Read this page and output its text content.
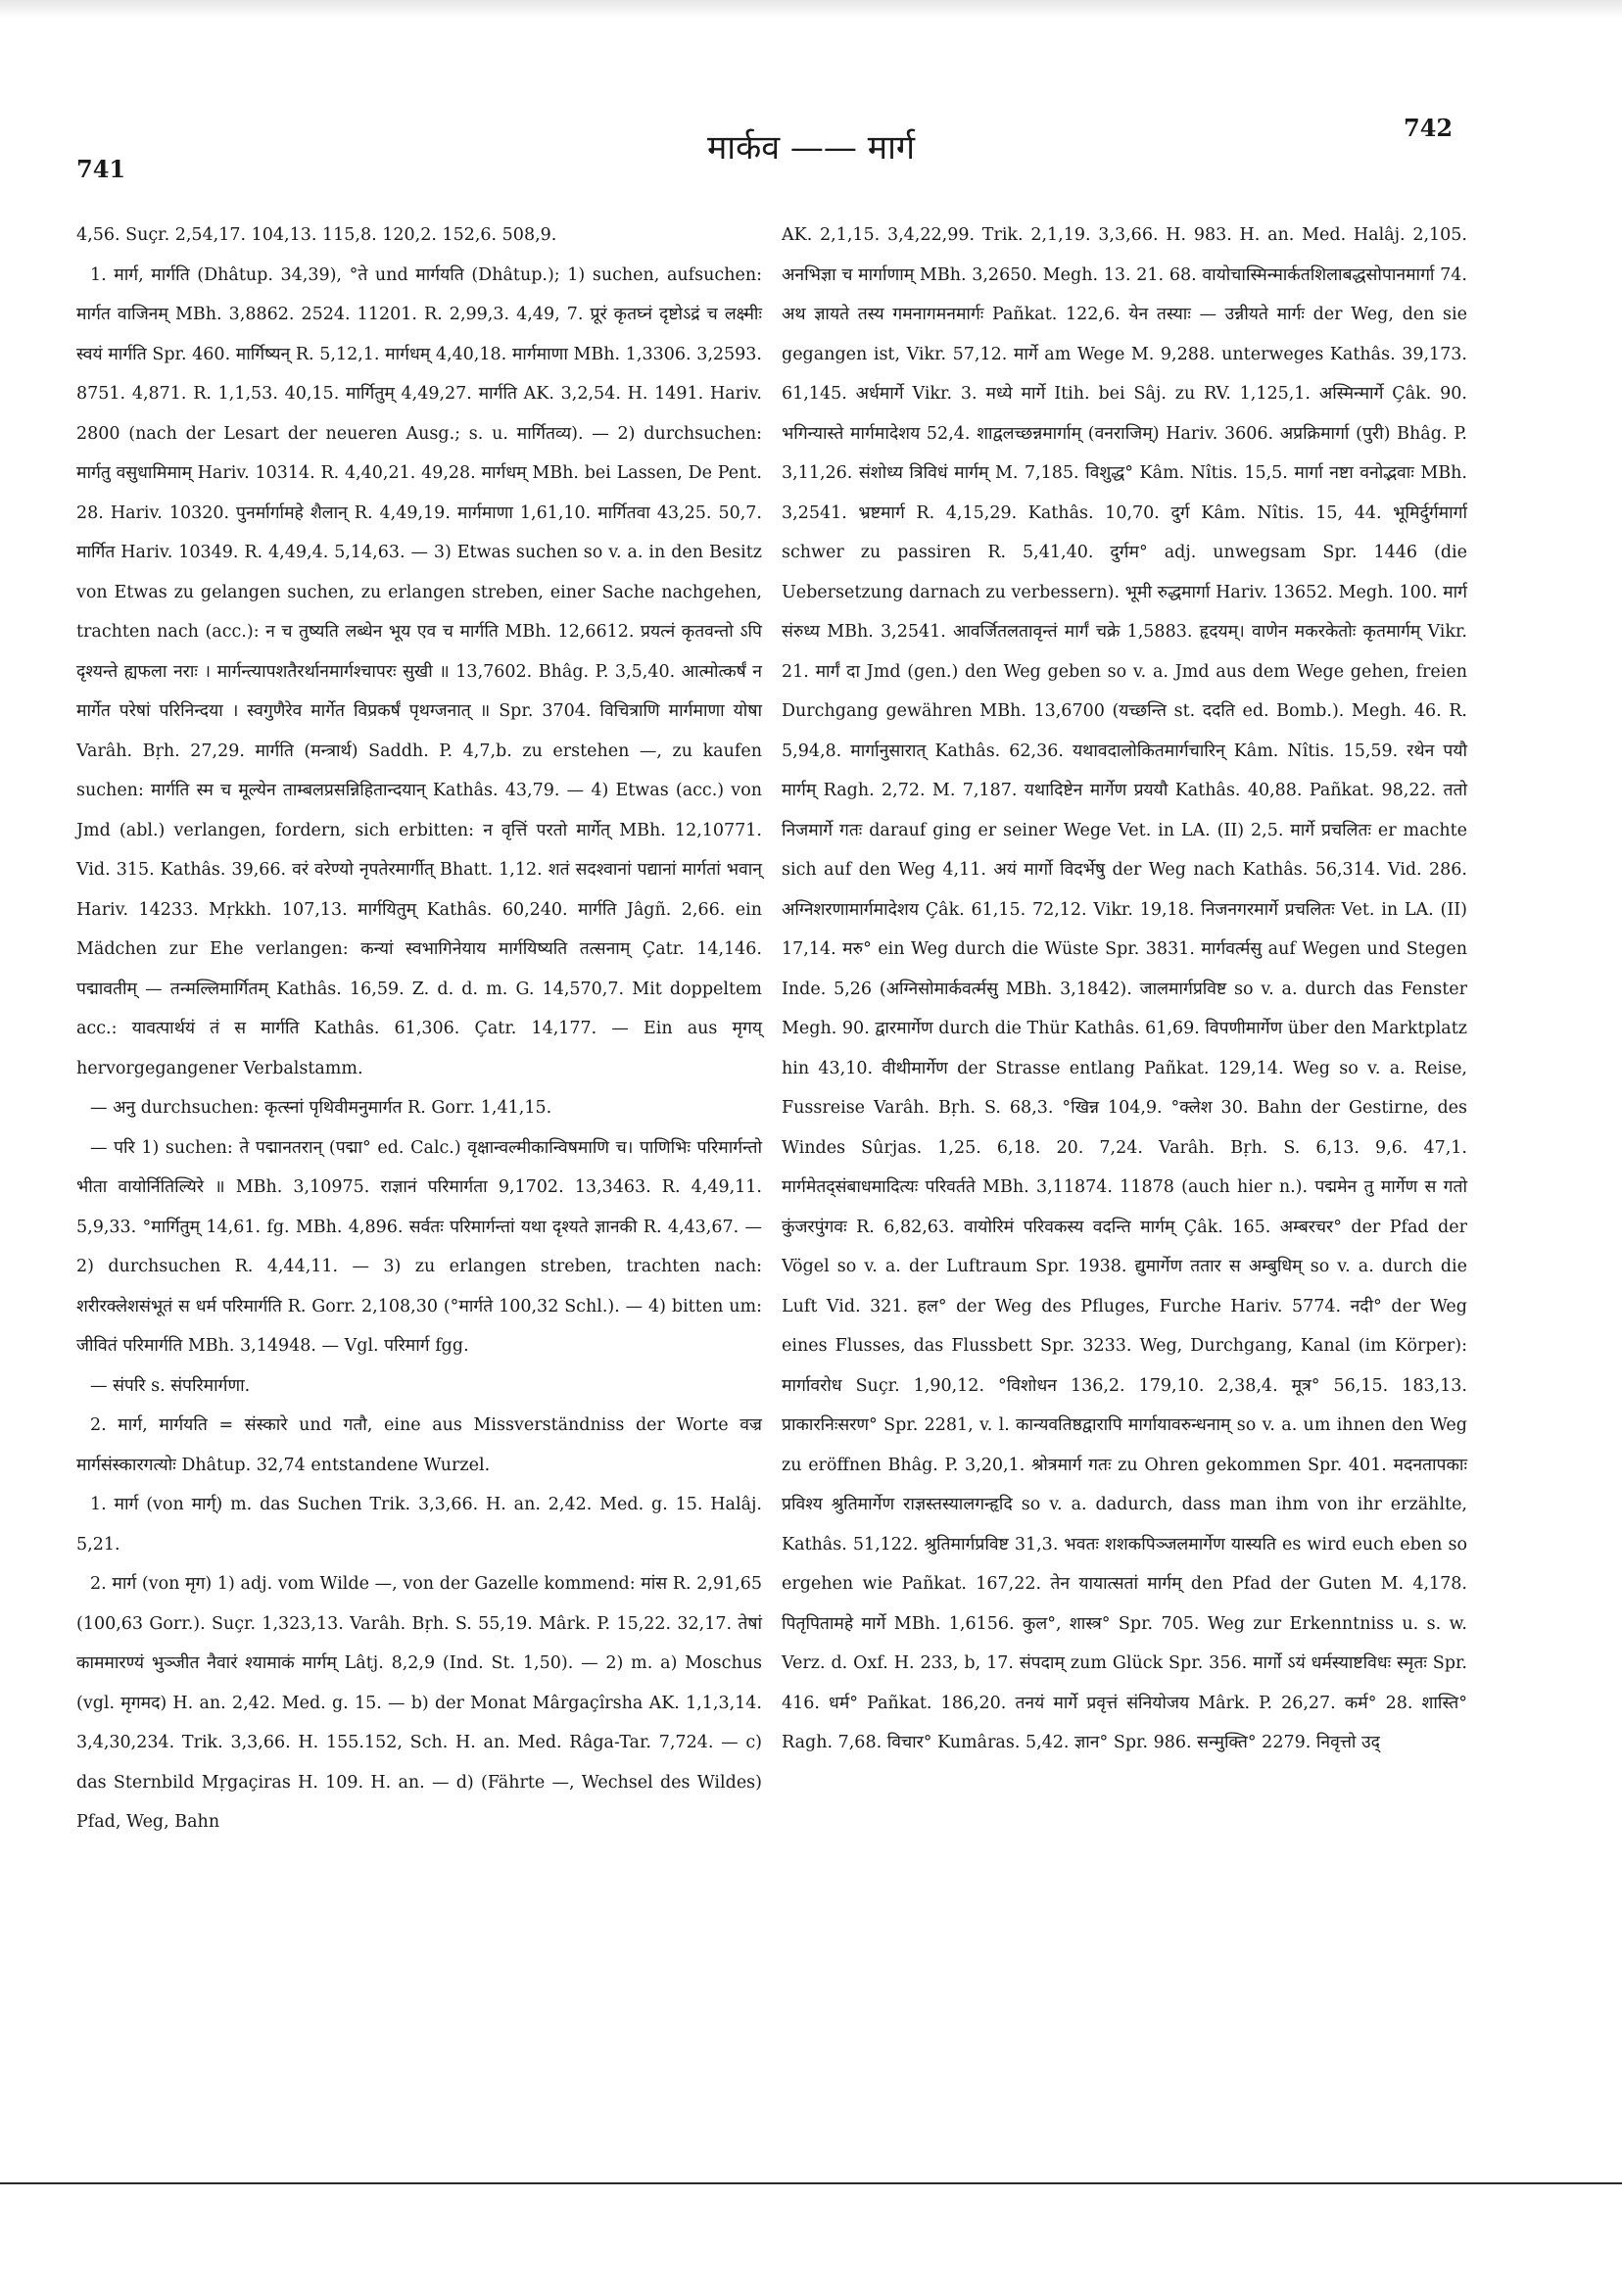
741
मार्कव —— मार्ग
742

4,56. Suçr. 2,54,17. 104,13. 115,8. 120,2. 152,6. 508,9.

1. मार्ग, मार्गति (Dhâtup. 34,39), °ते und मार्गयति (Dhâtup.); 1) suchen, aufsuchen: मार्गत वाजिनम् MBh. 3,8862. 2524. 11201. R. 2,99,3. 4,49, 7. प्रूरं कृतघ्नं दृष्टोऽद्रं च लक्ष्मीः स्वयं मार्गति Spr. 460. मार्गिष्यन् R. 5,12,1. मार्गधम् 4,40,18. मार्गमाणा MBh. 1,3306. 3,2593. 8751. 4,871. R. 1,1,53. 40,15. मार्गितुम् 4,49,27. मार्गति AK. 3,2,54. H. 1491. Hariv. 2800 (nach der Lesart der neueren Ausg.; s. u. मार्गितव्य). — 2) durchsuchen: मार्गतु वसुधामिमाम् Hariv. 10314. R. 4,40,21. 49,28. मार्गधम् MBh. bei Lassen, De Pent. 28. Hariv. 10320. पुनर्मार्गामहे शैलान् R. 4,49,19. मार्गमाणा 1,61,10. मार्गितवा 43,25. 50,7. मार्गित Hariv. 10349. R. 4,49,4. 5,14,63. — 3) Etwas suchen so v. a. in den Besitz von Etwas zu gelangen suchen, zu erlangen streben, einer Sache nachgehen, trachten nach (acc.): न च तुष्यति लब्धेन भूय एव च मार्गति MBh. 12,6612. प्रयत्नं कृतवन्तो ऽपि दृश्यन्ते ह्यफला नराः । मार्गन्त्यापशतैरर्थानमार्गश्चापरः सुखी ॥ 13,7602. Bhâg. P. 3,5,40. आत्मोत्कर्षं न मार्गेत परेषां परिनिन्दया । स्वगुणैरेव मार्गेत विप्रकर्षं पृथग्जनात् ॥ Spr. 3704. विचित्राणि मार्गमाणा योषा Varâh. Bṛh. 27,29. मार्गति (मन्त्रार्थ) Saddh. P. 4,7,b. zu erstehen —, zu kaufen suchen: मार्गति स्म च मूल्येन ताम्बलप्रसन्निहितान्दयान् Kathâs. 43,79. — 4) Etwas (acc.) von Jmd (abl.) verlangen, fordern, sich erbitten: न वृत्तिं परतो मार्गेत् MBh. 12,10771. Vid. 315. Kathâs. 39,66. वरं वरेण्यो नृपतेरमार्गीत् Bhatt. 1,12. शतं सदश्वानां पद्यानां मार्गतां भवान् Hariv. 14233. Mṛkkh. 107,13. मार्गयितुम् Kathâs. 60,240. मार्गति Jâgñ. 2,66. ein Mädchen zur Ehe verlangen: कन्यां स्वभागिनेयाय मार्गयिष्यति तत्सनाम् Çatr. 14,146. पद्मावतीम् — तन्मल्लिमार्गितम् Kathâs. 16,59. Z. d. d. m. G. 14,570,7. Mit doppeltem acc.: यावत्पार्थयं तं स मार्गति Kathâs. 61,306. Çatr. 14,177. — Ein aus मृगय् hervorgegangener Verbalstamm.

— अनु durchsuchen: कृत्स्नां पृथिवीमनुमार्गत R. Gorr. 1,41,15.

— परि 1) suchen: ते पद्मानतरान् (पद्मा° ed. Calc.) वृक्षान्वल्मीकान्विषमाणि च। पाणिभिः परिमार्गन्तो भीता वायोर्नितिल्यिरे ॥ MBh. 3,10975. राज्ञानं परिमार्गता 9,1702. 13,3463. R. 4,49,11. 5,9,33. °मार्गितुम् 14,61. fg. MBh. 4,896. सर्वतः परिमार्गन्तां यथा दृश्यते ज्ञानकी R. 4,43,67. — 2) durchsuchen R. 4,44,11. — 3) zu erlangen streben, trachten nach: शरीरक्लेशसंभूतं स धर्म परिमार्गति R. Gorr. 2,108,30 (°मार्गते 100,32 Schl.). — 4) bitten um: जीवितं परिमार्गति MBh. 3,14948. — Vgl. परिमार्ग fgg.

— संपरि s. संपरिमार्गणा.

2. मार्ग, मार्गयति = संस्कारे und गतौ, eine aus Missverständniss der Worte वज्र मार्गसंस्कारगत्योः Dhâtup. 32,74 entstandene Wurzel.

1. मार्ग (von मार्ग्) m. das Suchen Trik. 3,3,66. H. an. 2,42. Med. g. 15. Halâj. 5,21.

2. मार्ग (von मृग) 1) adj. vom Wilde —, von der Gazelle kommend: मांस R. 2,91,65 (100,63 Gorr.). Suçr. 1,323,13. Varâh. Bṛh. S. 55,19. Mârk. P. 15,22. 32,17. तेषां काममारण्यं भुञ्जीत नैवारं श्यामाकं मार्गम् Lâtj. 8,2,9 (Ind. St. 1,50). — 2) m. a) Moschus (vgl. मृगमद) H. an. 2,42. Med. g. 15. — b) der Monat Mârgaçîrsha AK. 1,1,3,14. 3,4,30,234. Trik. 3,3,66. H. 155.152, Sch. H. an. Med. Râga-Tar. 7,724. — c) das Sternbild Mṛgaçiras H. 109. H. an. — d) (Fährte —, Wechsel des Wildes) Pfad, Weg, Bahn

AK. 2,1,15. 3,4,22,99. Trik. 2,1,19. 3,3,66. H. 983. H. an. Med. Halâj. 2,105. अनभिज्ञा च मार्गाणाम् MBh. 3,2650. Megh. 13. 21. 68. वायोचास्मिन्मार्कतशिलाबद्धसोपानमार्गा 74. अथ ज्ञायते तस्य गमनागमनमार्गः Pañkat. 122,6. येन तस्याः — उन्नीयते मार्गः der Weg, den sie gegangen ist, Vikr. 57,12. मार्गे am Wege M. 9,288. unterweges Kathâs. 39,173. 61,145. अर्धमार्गे Vikr. 3. मध्ये मार्गे Itih. bei Sâj. zu RV. 1,125,1. अस्मिन्मार्गे Çâk. 90. भगिन्यास्ते मार्गमादेशय 52,4. शाद्वलच्छन्नमार्गाम् (वनराजिम्) Hariv. 3606. अप्रक्रिमार्गा (पुरी) Bhâg. P. 3,11,26. संशोध्य त्रिविधं मार्गम् M. 7,185. विशुद्ध° Kâm. Nîtis. 15,5. मार्गा नष्टा वनोद्भवाः MBh. 3,2541. भ्रष्टमार्ग R. 4,15,29. Kathâs. 10,70. दुर्ग Kâm. Nîtis. 15, 44. भूमिर्दुर्गमार्गा schwer zu passiren R. 5,41,40. दुर्गम° adj. unwegsam Spr. 1446 (die Uebersetzung darnach zu verbessern). भूमी रुद्धमार्गा Hariv. 13652. Megh. 100. मार्ग संरुध्य MBh. 3,2541. आवर्जितलतावृन्तं मार्गं चक्रे 1,5883. हृदयम्। वाणेन मकरकेतोः कृतमार्गम् Vikr. 21. मार्गं दा Jmd (gen.) den Weg geben so v. a. Jmd aus dem Wege gehen, freien Durchgang gewähren MBh. 13,6700 (यच्छन्ति st. ददति ed. Bomb.). Megh. 46. R. 5,94,8. मार्गानुसारात् Kathâs. 62,36. यथावदालोकितमार्गचारिन् Kâm. Nîtis. 15,59. रथेन पयौ मार्गम् Ragh. 2,72. M. 7,187. यथादिष्टेन मार्गेण प्रययौ Kathâs. 40,88. Pañkat. 98,22. ततो निजमार्गे गतः darauf ging er seiner Wege Vet. in LA. (II) 2,5. मार्गे प्रचलितः er machte sich auf den Weg 4,11. अयं मार्गो विदर्भेषु der Weg nach Kathâs. 56,314. Vid. 286. अग्निशरणामार्गमादेशय Çâk. 61,15. 72,12. Vikr. 19,18. निजनगरमार्गे प्रचलितः Vet. in LA. (II) 17,14. मरु° ein Weg durch die Wüste Spr. 3831. मार्गवर्त्मसु auf Wegen und Stegen Inde. 5,26 (अग्निसोमार्कवर्त्मसु MBh. 3,1842). जालमार्गप्रविष्ट so v. a. durch das Fenster Megh. 90. द्वारमार्गेण durch die Thür Kathâs. 61,69. विपणीमार्गेण über den Marktplatz hin 43,10. वीथीमार्गेण der Strasse entlang Pañkat. 129,14. Weg so v. a. Reise, Fussreise Varâh. Bṛh. S. 68,3. °खिन्न 104,9. °क्लेश 30. Bahn der Gestirne, des Windes Sûrjas. 1,25. 6,18. 20. 7,24. Varâh. Bṛh. S. 6,13. 9,6. 47,1. मार्गमेतद्संबाधमादित्यः परिवर्तते MBh. 3,11874. 11878 (auch hier n.). पद्ममेन तु मार्गेण स गतो कुंजरपुंगवः R. 6,82,63. वायोरिमं परिवकस्य वदन्ति मार्गम् Çâk. 165. अम्बरचर° der Pfad der Vögel so v. a. der Luftraum Spr. 1938. द्युमार्गेण ततार स अम्बुधिम् so v. a. durch die Luft Vid. 321. हल° der Weg des Pfluges, Furche Hariv. 5774. नदी° der Weg eines Flusses, das Flussbett Spr. 3233. Weg, Durchgang, Kanal (im Körper): मार्गावरोध Suçr. 1,90,12. °विशोधन 136,2. 179,10. 2,38,4. मूत्र° 56,15. 183,13. प्राकारनिःसरण° Spr. 2281, v. l. कान्यवतिष्ठद्वारापि मार्गायावरुन्धनाम् so v. a. um ihnen den Weg zu eröffnen Bhâg. P. 3,20,1. श्रोत्रमार्ग गतः zu Ohren gekommen Spr. 401. मदनतापकाः प्रविश्य श्रुतिमार्गेण राज्ञस्तस्यालगन्हृदि so v. a. dadurch, dass man ihm von ihr erzählte, Kathâs. 51,122. श्रुतिमार्गप्रविष्ट 31,3. भवतः शशकपिञ्जलमार्गेण यास्यति es wird euch eben so ergehen wie Pañkat. 167,22. तेन यायात्सतां मार्गम् den Pfad der Guten M. 4,178. पितृपितामहे मार्गे MBh. 1,6156. कुल°, शास्त्र° Spr. 705. Weg zur Erkenntniss u. s. w. Verz. d. Oxf. H. 233, b, 17. संपदाम् zum Glück Spr. 356. मार्गो ऽयं धर्मस्याष्टविधः स्मृतः Spr. 416. धर्म° Pañkat. 186,20. तनयं मार्गे प्रवृत्तं संनियोजय Mârk. P. 26,27. कर्म° 28. शास्ति° Ragh. 7,68. विचार° Kumâras. 5,42. ज्ञान° Spr. 986. सन्मुक्ति° 2279. निवृत्तो उद्
